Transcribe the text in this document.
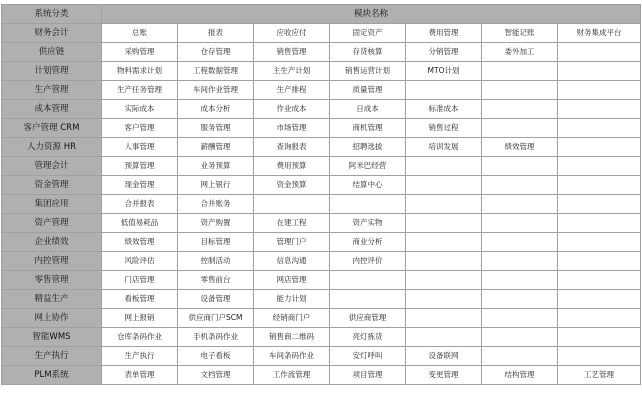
系统分类	模块名称						
财务会计	总账	报表	应收应付	固定资产	费用管理	智能记账	财务集成平台
供应链	采购管理	仓存管理	销售管理	存货核算	分销管理	委外加工	
计划管理	物料需求计划	工程数据管理	主生产计划	销售运营计划	MTO计划		
生产管理	生产任务管理	车间作业管理	生产排程	质量管理			
成本管理	实际成本	成本分析	作业成本	日成本	标准成本		
客户管理 CRM	客户管理	服务管理	市场管理	商机管理	销售过程		
人力资源 HR	人事管理	薪酬管理	查询报表	招聘选拔	培训发展	绩效管理	
管理会计	预算管理	业务预算	费用预算	阿米巴经营			
资金管理	现金管理	网上银行	资金预算	结算中心			
集团应用	合并报表	合并账务					
资产管理	低值易耗品	资产购置	在建工程	资产实物			
企业绩效	绩效管理	目标管理	管理门户	商业分析			
内控管理	风险评估	控制活动	信息沟通	内控评价			
零售管理	门店管理	零售前台	网店管理				
精益生产	看板管理	设备管理	能力计划				
网上协作	网上报销	供应商门户SCM	经销商门户	供应商管理			
智能WMS	仓库条码作业	手机条码作业	销售商二维码	亮灯拣货			
生产执行	生产执行	电子看板	车间条码作业	安灯呼叫	设备联网		
PLM系统	表单管理	文档管理	工作流管理	项目管理	变更管理	结构管理	工艺管理
